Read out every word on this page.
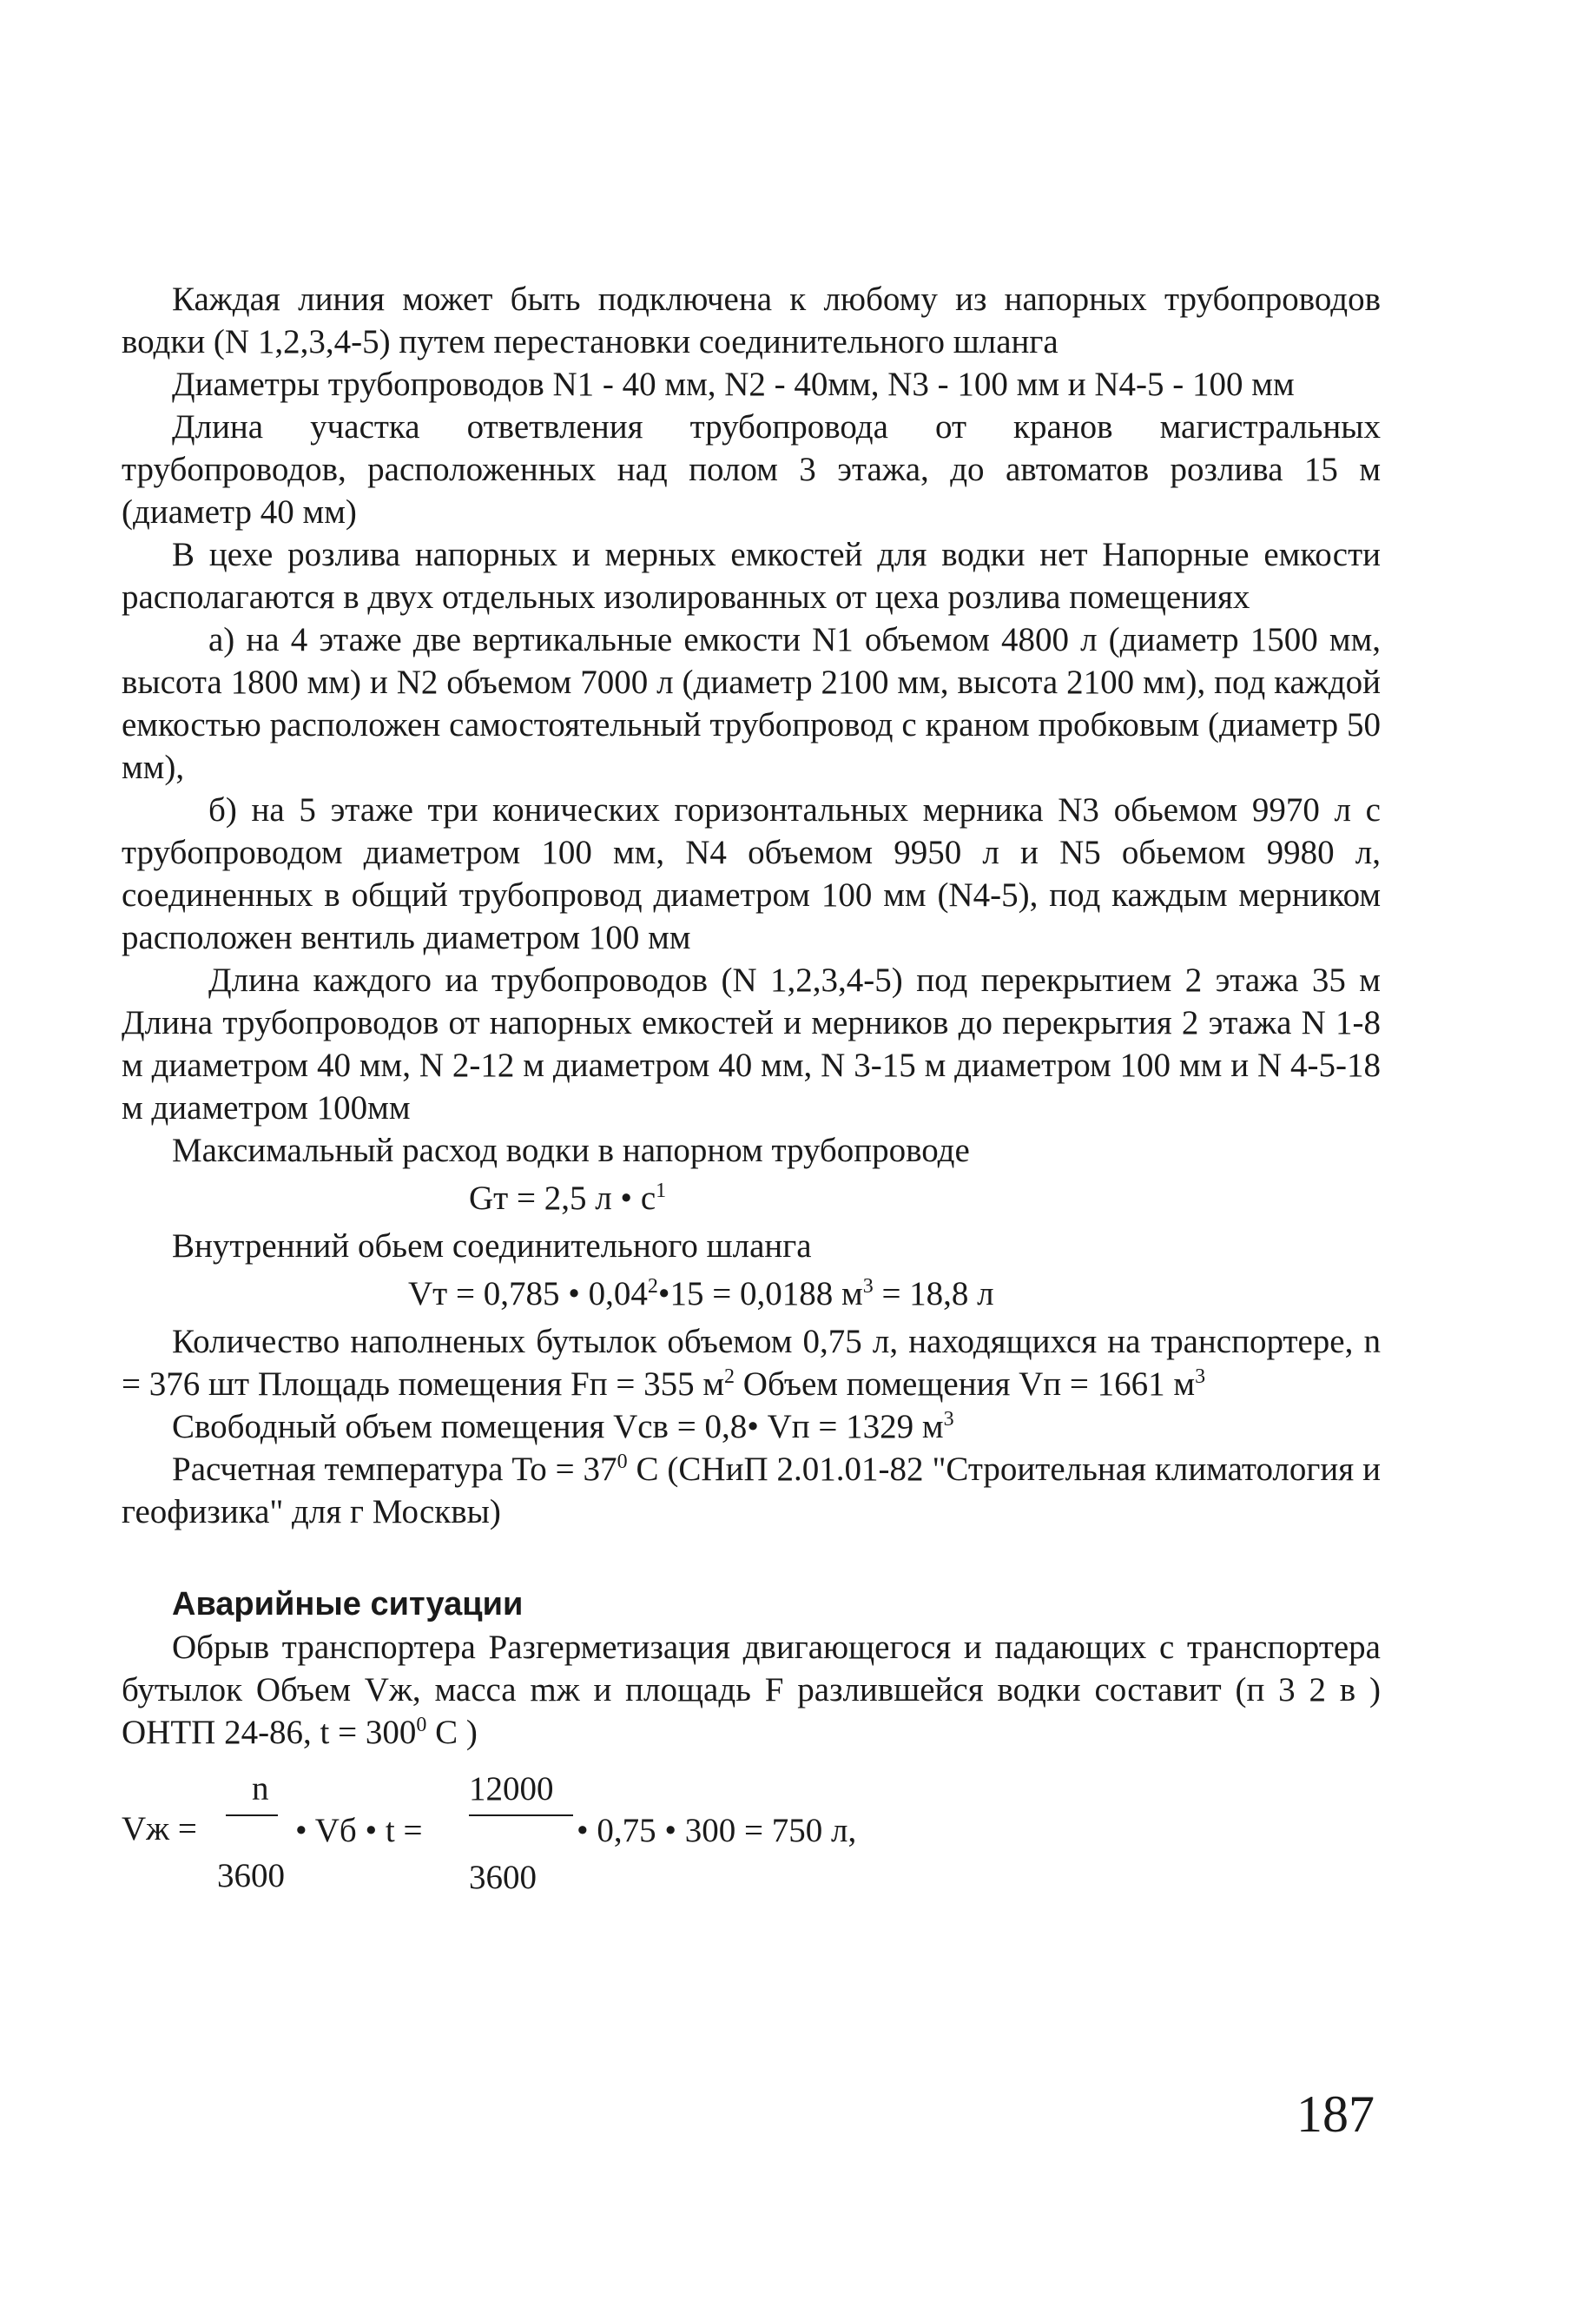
Каждая линия может быть подключена к любому из напорных трубопроводов водки (N 1,2,3,4-5) путем перестановки соединительного шланга

Диаметры трубопроводов N1 - 40 мм, N2 - 40мм, N3 - 100 мм и N4-5 - 100 мм

Длина участка ответвления трубопровода от кранов магистральных трубопроводов, расположенных над полом 3 этажа, до автоматов розлива 15 м (диаметр 40 мм)

В цехе розлива напорных и мерных емкостей для водки нет Напорные емкости располагаются в двух отдельных изолированных от цеха розлива помещениях

а) на 4 этаже две вертикальные емкости N1 объемом 4800 л (диаметр 1500 мм, высота 1800 мм) и N2 объемом 7000 л (диаметр 2100 мм, высота 2100 мм), под каждой емкостью расположен самостоятельный трубопровод с краном пробковым (диаметр 50 мм),

б) на 5 этаже три конических горизонтальных мерника N3 обьемом 9970 л с трубопроводом диаметром 100 мм, N4 объемом 9950 л и N5 обьемом 9980 л, соединенных в общий трубопровод диаметром 100 мм (N4-5), под каждым мерником расположен вентиль диаметром 100 мм

Длина каждого иа трубопроводов (N 1,2,3,4-5) под перекрытием 2 этажа 35 м Длина трубопроводов от напорных емкостей и мерников до перекрытия 2 этажа N 1-8 м диаметром 40 мм, N 2-12 м диаметром 40 мм, N 3-15 м диаметром 100 мм и N 4-5-18 м диаметром 100мм

Максимальный расход водки в напорном трубопроводе

Gт = 2,5 л • $с^1$

Внутренний обьем соединительного шланга

Vт = 0,785 • $0,04^2•15 = 0,0188$ $м^3 = 18,8$ л

Количество наполненых бутылок объемом 0,75 л, находящихся на транспортере, n = 376 шт Площадь помещения Fп = 355 $м^2$ Объем помещения Vп = 1661 $м^3$

Свободный объем помещения Vсв = 0,8• Vп = 1329 $м^3$

Расчетная температура То = $37^0$ С (СНиП 2.01.01-82 "Строительная климатология и геофизика" для г Москвы)

Аварийные ситуации

Обрыв транспортера Разгерметизация двигающегося и падающих с транспортера бутылок Объем Vж, масса mж и площадь F разлившейся водки составит (п 3 2 в ) ОНТП 24-86, $t = 300^0$ С )

Vж =
n
3600
• Vб • t =
12000
3600
• 0,75 • 300 = 750 л,
187
